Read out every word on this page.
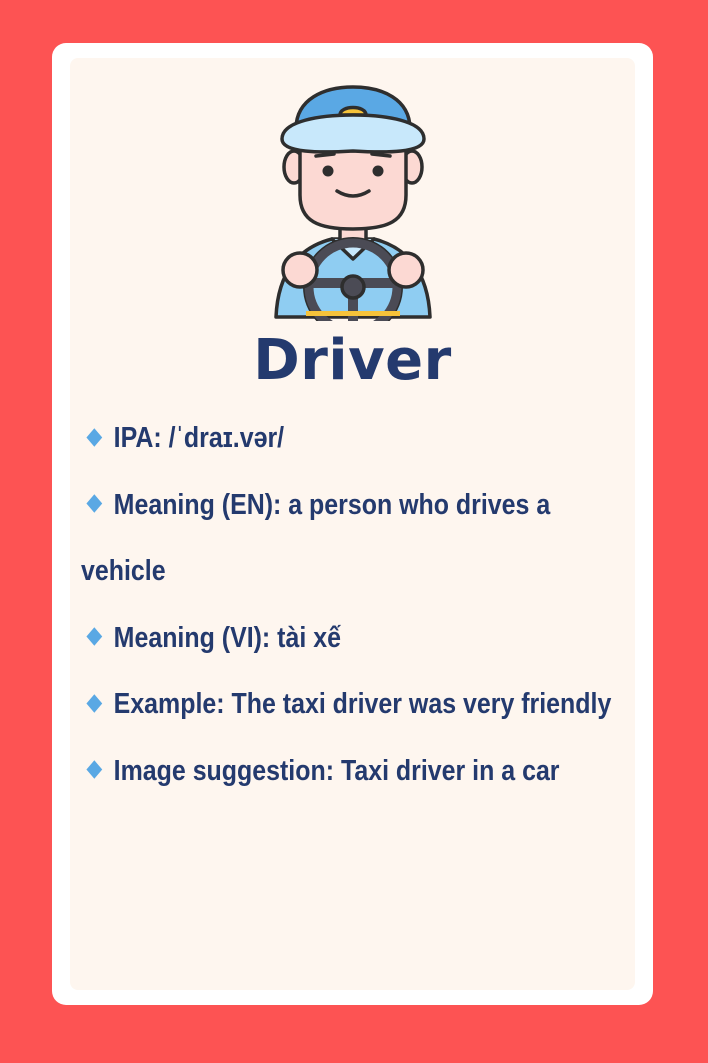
Driver
IPA: /ˈdraɪ.vər/
Meaning (EN): a person who drives a vehicle
Meaning (VI): tài xế
Example: The taxi driver was very friendly
Image suggestion: Taxi driver in a car
